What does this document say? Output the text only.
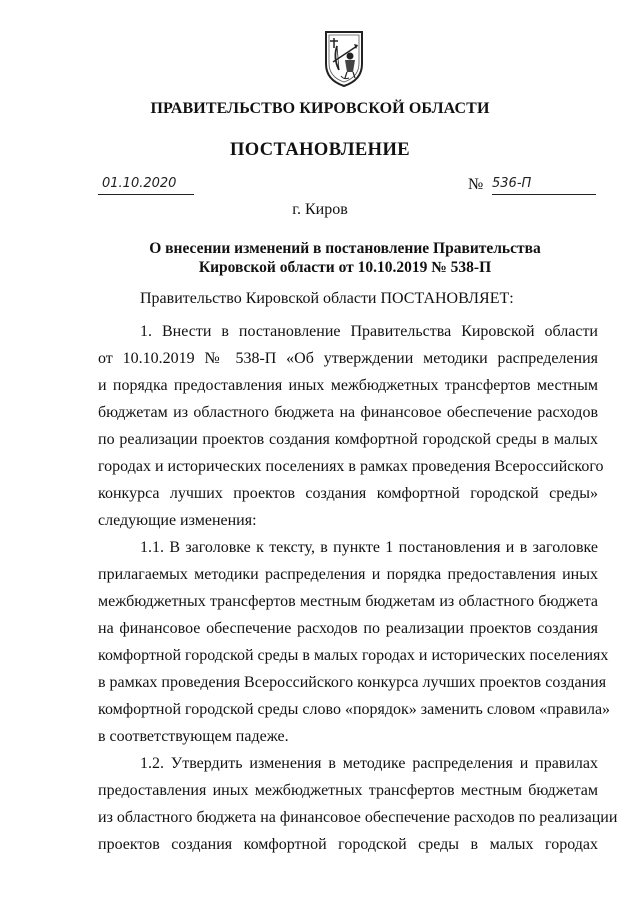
ПРАВИТЕЛЬСТВО КИРОВСКОЙ ОБЛАСТИ
ПОСТАНОВЛЕНИЕ
01.10.2020	№ 536-П
г. Киров
О внесении изменений в постановление Правительства
Кировской области от 10.10.2019 № 538-П
Правительство Кировской области ПОСТАНОВЛЯЕТ:
1. Внести в постановление Правительства Кировской области
от 10.10.2019 № 538-П «Об утверждении методики распределения
и порядка предоставления иных межбюджетных трансфертов местным
бюджетам из областного бюджета на финансовое обеспечение расходов
по реализации проектов создания комфортной городской среды в малых
городах и исторических поселениях в рамках проведения Всероссийского
конкурса лучших проектов создания комфортной городской среды»
следующие изменения:
1.1. В заголовке к тексту, в пункте 1 постановления и в заголовке
прилагаемых методики распределения и порядка предоставления иных
межбюджетных трансфертов местным бюджетам из областного бюджета
на финансовое обеспечение расходов по реализации проектов создания
комфортной городской среды в малых городах и исторических поселениях
в рамках проведения Всероссийского конкурса лучших проектов создания
комфортной городской среды слово «порядок» заменить словом «правила»
в соответствующем падеже.
1.2. Утвердить изменения в методике распределения и правилах
предоставления иных межбюджетных трансфертов местным бюджетам
из областного бюджета на финансовое обеспечение расходов по реализации
проектов создания комфортной городской среды в малых городах
